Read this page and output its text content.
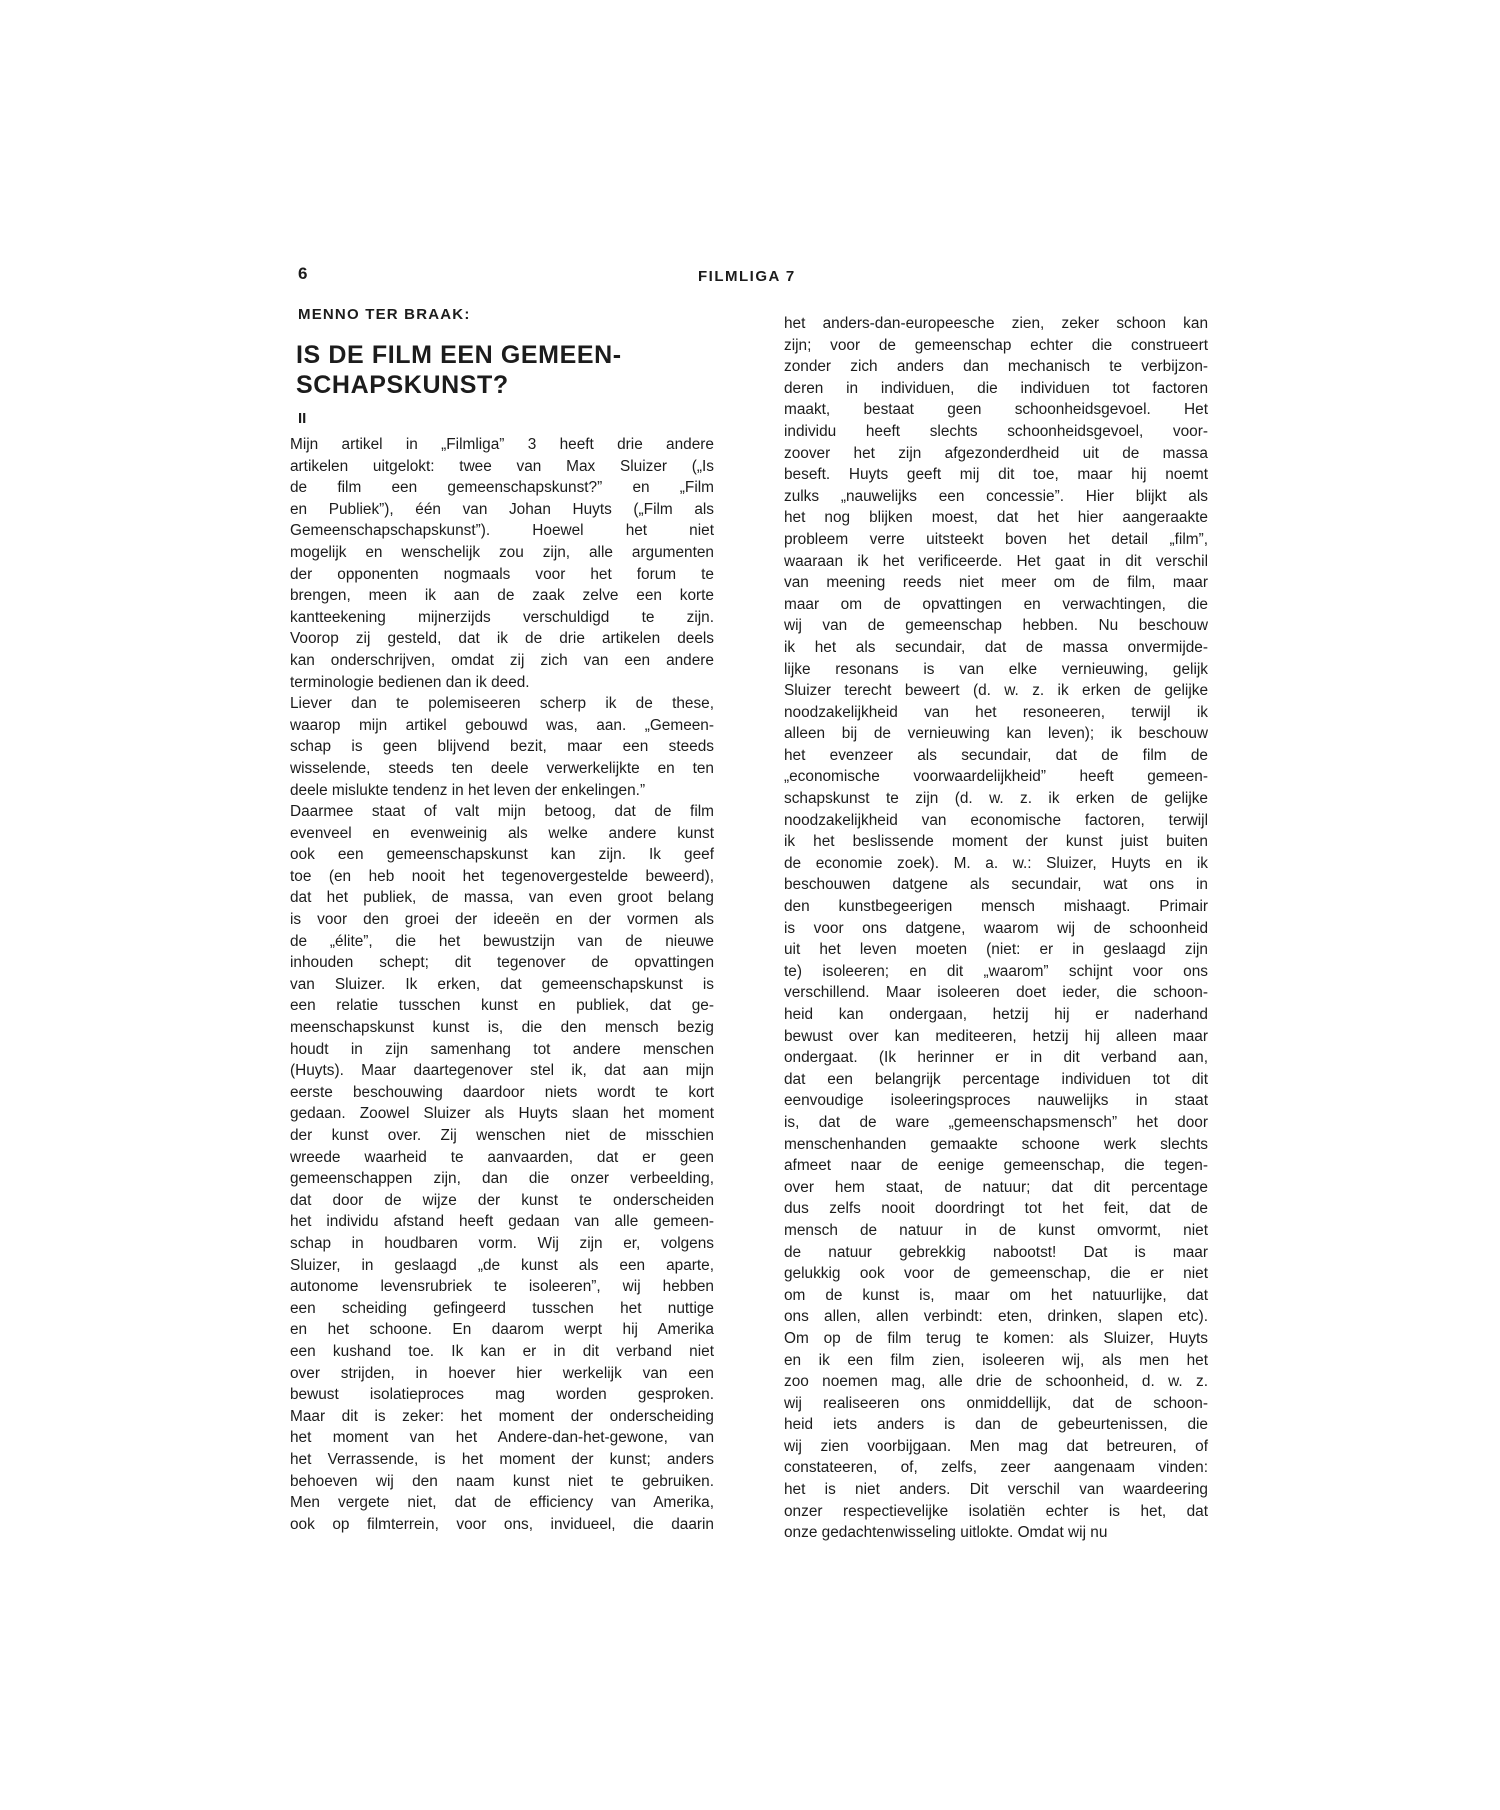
6	FILMLIGA 7
MENNO TER BRAAK:
IS DE FILM EEN GEMEEN-
SCHAPSKUNST?
II
Mijn artikel in „Filmliga” 3 heeft drie andere
artikelen uitgelokt: twee van Max Sluizer („Is
de film een gemeenschapskunst?” en „Film
en Publiek”), één van Johan Huyts („Film als
Gemeenschapschapskunst”). Hoewel het niet
mogelijk en wenschelijk zou zijn, alle argumenten
der opponenten nogmaals voor het forum te
brengen, meen ik aan de zaak zelve een korte
kantteekening mijnerzijds verschuldigd te zijn.
Voorop zij gesteld, dat ik de drie artikelen deels
kan onderschrijven, omdat zij zich van een andere
terminologie bedienen dan ik deed.
Liever dan te polemiseeren scherp ik de these,
waarop mijn artikel gebouwd was, aan. „Gemeen-
schap is geen blijvend bezit, maar een steeds
wisselende, steeds ten deele verwerkelijkte en ten
deele mislukte tendenz in het leven der enkelingen.”
Daarmee staat of valt mijn betoog, dat de film
evenveel en evenweinig als welke andere kunst
ook een gemeenschapskunst kan zijn. Ik geef
toe (en heb nooit het tegenovergestelde beweerd),
dat het publiek, de massa, van even groot belang
is voor den groei der ideeën en der vormen als
de „élite”, die het bewustzijn van de nieuwe
inhouden schept; dit tegenover de opvattingen
van Sluizer. Ik erken, dat gemeenschapskunst is
een relatie tusschen kunst en publiek, dat ge-
meenschapskunst kunst is, die den mensch bezig
houdt in zijn samenhang tot andere menschen
(Huyts). Maar daartegenover stel ik, dat aan mijn
eerste beschouwing daardoor niets wordt te kort
gedaan. Zoowel Sluizer als Huyts slaan het moment
der kunst over. Zij wenschen niet de misschien
wreede waarheid te aanvaarden, dat er geen
gemeenschappen zijn, dan die onzer verbeelding,
dat door de wijze der kunst te onderscheiden
het individu afstand heeft gedaan van alle gemeen-
schap in houdbaren vorm. Wij zijn er, volgens
Sluizer, in geslaagd „de kunst als een aparte,
autonome levensrubriek te isoleeren”, wij hebben
een scheiding gefingeerd tusschen het nuttige
en het schoone. En daarom werpt hij Amerika
een kushand toe. Ik kan er in dit verband niet
over strijden, in hoever hier werkelijk van een
bewust isolatieproces mag worden gesproken.
Maar dit is zeker: het moment der onderscheiding
het moment van het Andere-dan-het-gewone, van
het Verrassende, is het moment der kunst; anders
behoeven wij den naam kunst niet te gebruiken.
Men vergete niet, dat de efficiency van Amerika,
ook op filmterrein, voor ons, invidueel, die daarin
het anders-dan-europeesche zien, zeker schoon kan
zijn; voor de gemeenschap echter die construeert
zonder zich anders dan mechanisch te verbijzon-
deren in individuen, die individuen tot factoren
maakt, bestaat geen schoonheidsgevoel. Het
individu heeft slechts schoonheidsgevoel, voor-
zoover het zijn afgezonderdheid uit de massa
beseft. Huyts geeft mij dit toe, maar hij noemt
zulks „nauwelijks een concessie”. Hier blijkt als
het nog blijken moest, dat het hier aangeraakte
probleem verre uitsteekt boven het detail „film”,
waaraan ik het verificeerde. Het gaat in dit verschil
van meening reeds niet meer om de film, maar
maar om de opvattingen en verwachtingen, die
wij van de gemeenschap hebben. Nu beschouw
ik het als secundair, dat de massa onvermijde-
lijke resonans is van elke vernieuwing, gelijk
Sluizer terecht beweert (d. w. z. ik erken de gelijke
noodzakelijkheid van het resoneeren, terwijl ik
alleen bij de vernieuwing kan leven); ik beschouw
het evenzeer als secundair, dat de film de
„economische voorwaardelijkheid” heeft gemeen-
schapskunst te zijn (d. w. z. ik erken de gelijke
noodzakelijkheid van economische factoren, terwijl
ik het beslissende moment der kunst juist buiten
de economie zoek). M. a. w.: Sluizer, Huyts en ik
beschouwen datgene als secundair, wat ons in
den kunstbegeerigen mensch mishaagt. Primair
is voor ons datgene, waarom wij de schoonheid
uit het leven moeten (niet: er in geslaagd zijn
te) isoleeren; en dit „waarom” schijnt voor ons
verschillend. Maar isoleeren doet ieder, die schoon-
heid kan ondergaan, hetzij hij er naderhand
bewust over kan mediteeren, hetzij hij alleen maar
ondergaat. (Ik herinner er in dit verband aan,
dat een belangrijk percentage individuen tot dit
eenvoudige isoleeringsproces nauwelijks in staat
is, dat de ware „gemeenschapsmensch” het door
menschenhanden gemaakte schoone werk slechts
afmeet naar de eenige gemeenschap, die tegen-
over hem staat, de natuur; dat dit percentage
dus zelfs nooit doordringt tot het feit, dat de
mensch de natuur in de kunst omvormt, niet
de natuur gebrekkig nabootst! Dat is maar
gelukkig ook voor de gemeenschap, die er niet
om de kunst is, maar om het natuurlijke, dat
ons allen, allen verbindt: eten, drinken, slapen etc).
Om op de film terug te komen: als Sluizer, Huyts
en ik een film zien, isoleeren wij, als men het
zoo noemen mag, alle drie de schoonheid, d. w. z.
wij realiseeren ons onmiddellijk, dat de schoon-
heid iets anders is dan de gebeurtenissen, die
wij zien voorbijgaan. Men mag dat betreuren, of
constateeren, of, zelfs, zeer aangenaam vinden:
het is niet anders. Dit verschil van waardeering
onzer respectievelijke isolatiën echter is het, dat
onze gedachtenwisseling uitlokte. Omdat wij nu
